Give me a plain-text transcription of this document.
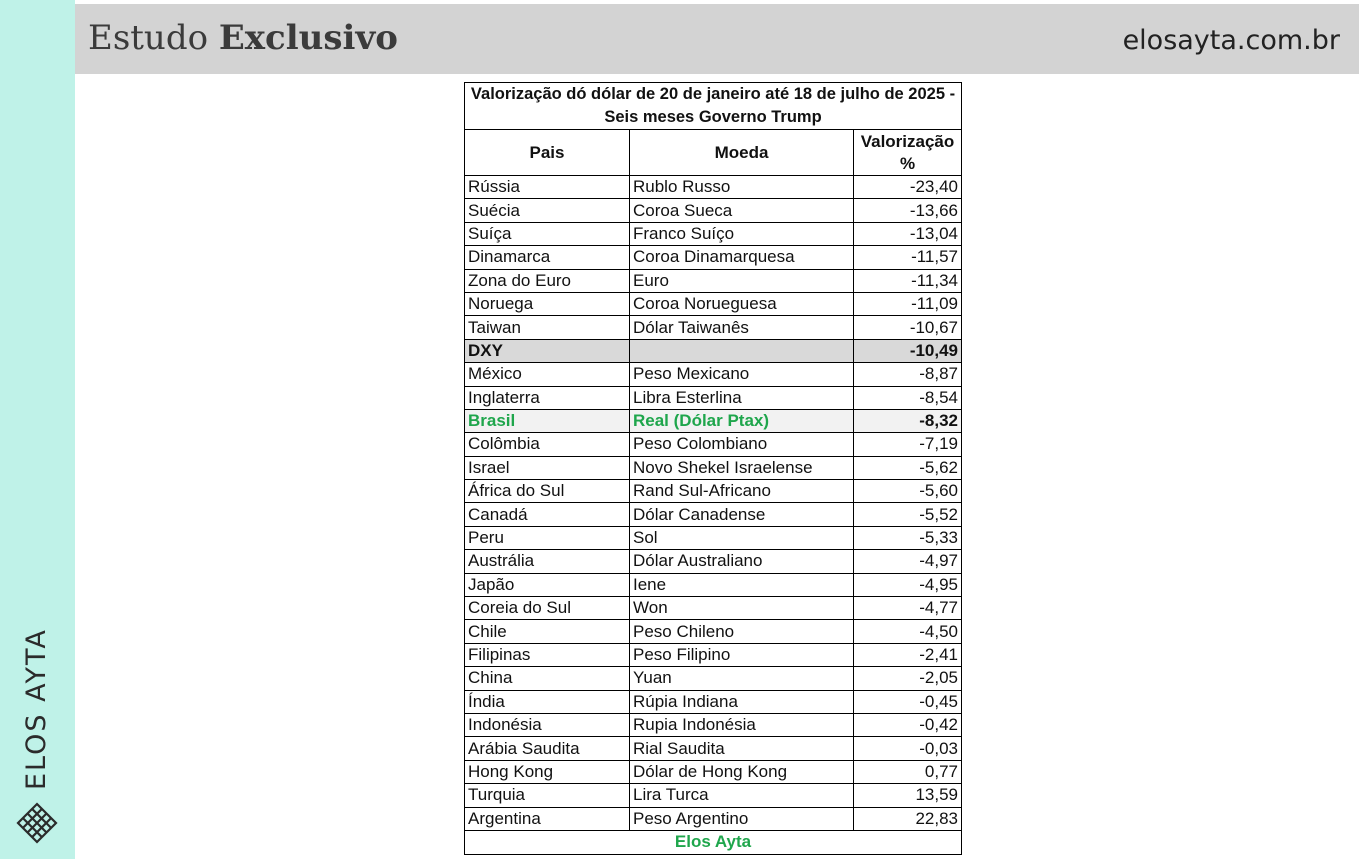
ELOS AYTA
Estudo Exclusivo	elosayta.com.br
Valorização dó dólar de 20 de janeiro até 18 de julho de 2025 - Seis meses Governo Trump		
Pais	Moeda	Valorização %
Rússia	Rublo Russo	-23,40
Suécia	Coroa Sueca	-13,66
Suíça	Franco Suíço	-13,04
Dinamarca	Coroa Dinamarquesa	-11,57
Zona do Euro	Euro	-11,34
Noruega	Coroa Norueguesa	-11,09
Taiwan	Dólar Taiwanês	-10,67
DXY		-10,49
México	Peso Mexicano	-8,87
Inglaterra	Libra Esterlina	-8,54
Brasil	Real (Dólar Ptax)	-8,32
Colômbia	Peso Colombiano	-7,19
Israel	Novo Shekel Israelense	-5,62
África do Sul	Rand Sul-Africano	-5,60
Canadá	Dólar Canadense	-5,52
Peru	Sol	-5,33
Austrália	Dólar Australiano	-4,97
Japão	Iene	-4,95
Coreia do Sul	Won	-4,77
Chile	Peso Chileno	-4,50
Filipinas	Peso Filipino	-2,41
China	Yuan	-2,05
Índia	Rúpia Indiana	-0,45
Indonésia	Rupia Indonésia	-0,42
Arábia Saudita	Rial Saudita	-0,03
Hong Kong	Dólar de Hong Kong	0,77
Turquia	Lira Turca	13,59
Argentina	Peso Argentino	22,83
Elos Ayta		
